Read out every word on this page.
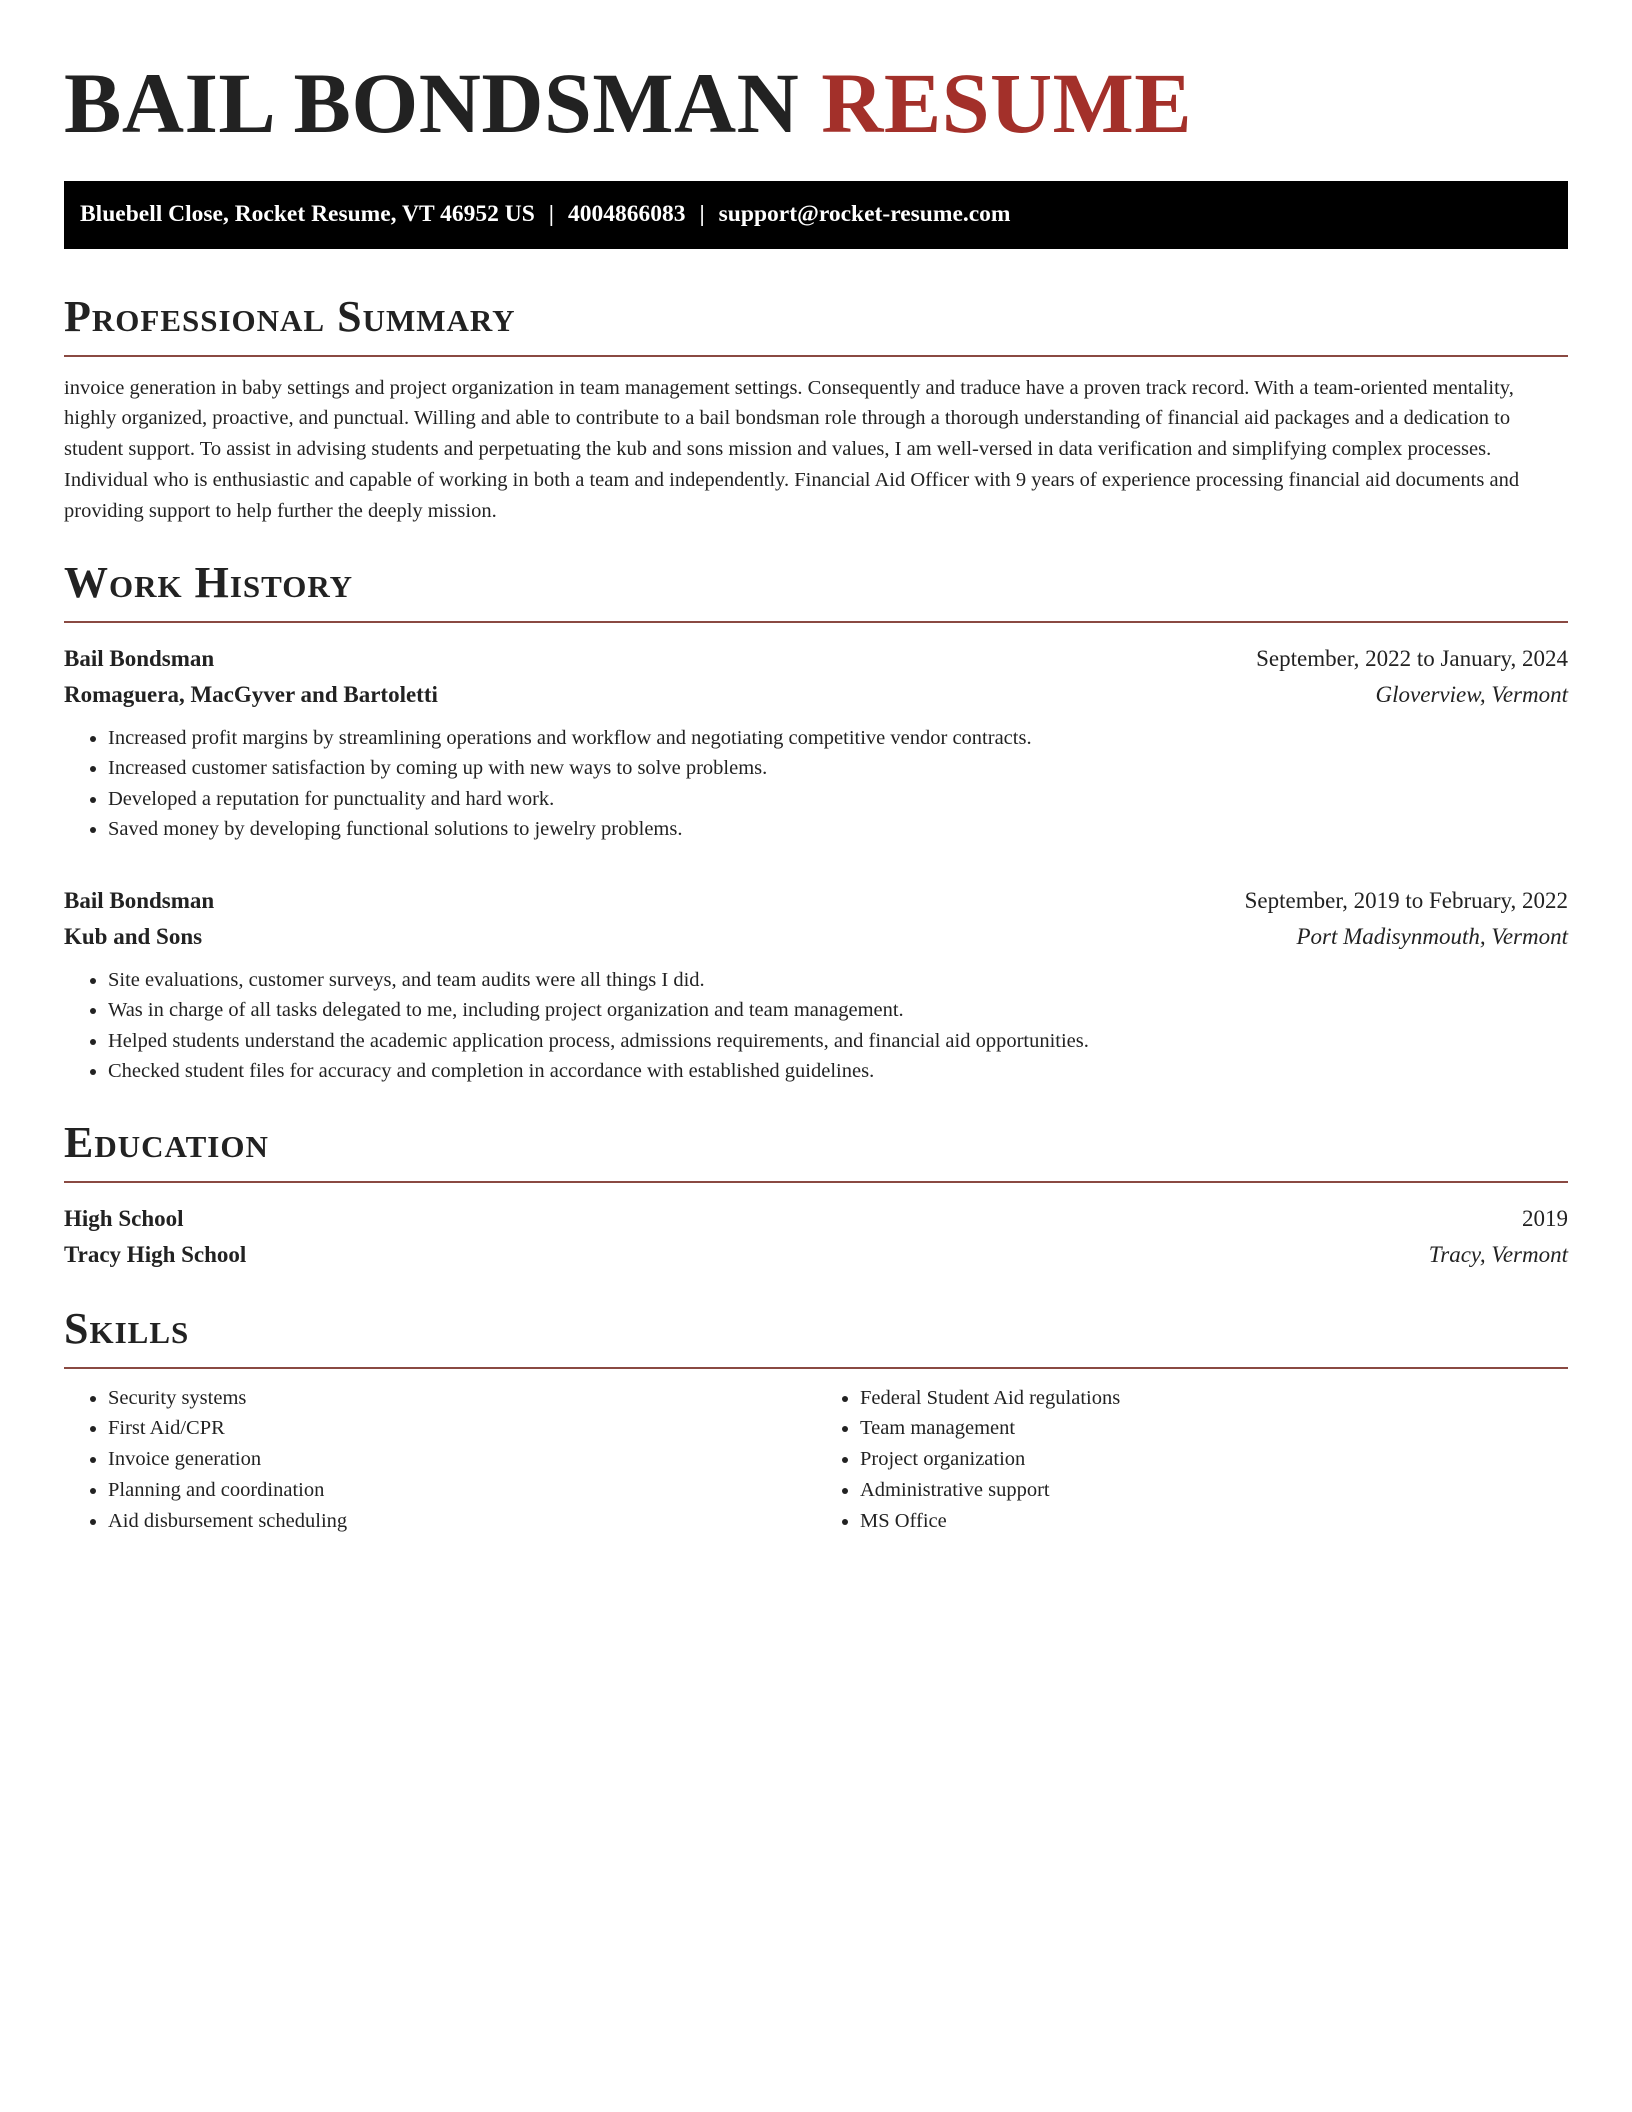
BAIL BONDSMAN RESUME
Bluebell Close, Rocket Resume, VT 46952 US | 4004866083 | support@rocket-resume.com
Professional Summary

invoice generation in baby settings and project organization in team management settings. Consequently and traduce have a proven track record. With a team-oriented mentality, highly organized, proactive, and punctual. Willing and able to contribute to a bail bondsman role through a thorough understanding of financial aid packages and a dedication to student support. To assist in advising students and perpetuating the kub and sons mission and values, I am well-versed in data verification and simplifying complex processes. Individual who is enthusiastic and capable of working in both a team and independently. Financial Aid Officer with 9 years of experience processing financial aid documents and providing support to help further the deeply mission.

Work History
Bail Bondsman	September, 2022 to January, 2024
Romaguera, MacGyver and Bartoletti	Gloverview, Vermont
• Increased profit margins by streamlining operations and workflow and negotiating competitive vendor contracts.
• Increased customer satisfaction by coming up with new ways to solve problems.
• Developed a reputation for punctuality and hard work.
• Saved money by developing functional solutions to jewelry problems.
Bail Bondsman	September, 2019 to February, 2022
Kub and Sons	Port Madisynmouth, Vermont
• Site evaluations, customer surveys, and team audits were all things I did.
• Was in charge of all tasks delegated to me, including project organization and team management.
• Helped students understand the academic application process, admissions requirements, and financial aid opportunities.
• Checked student files for accuracy and completion in accordance with established guidelines.
Education
High School	2019
Tracy High School	Tracy, Vermont
Skills
• Security systems
• First Aid/CPR
• Invoice generation
• Planning and coordination
• Aid disbursement scheduling
• Federal Student Aid regulations
• Team management
• Project organization
• Administrative support
• MS Office
